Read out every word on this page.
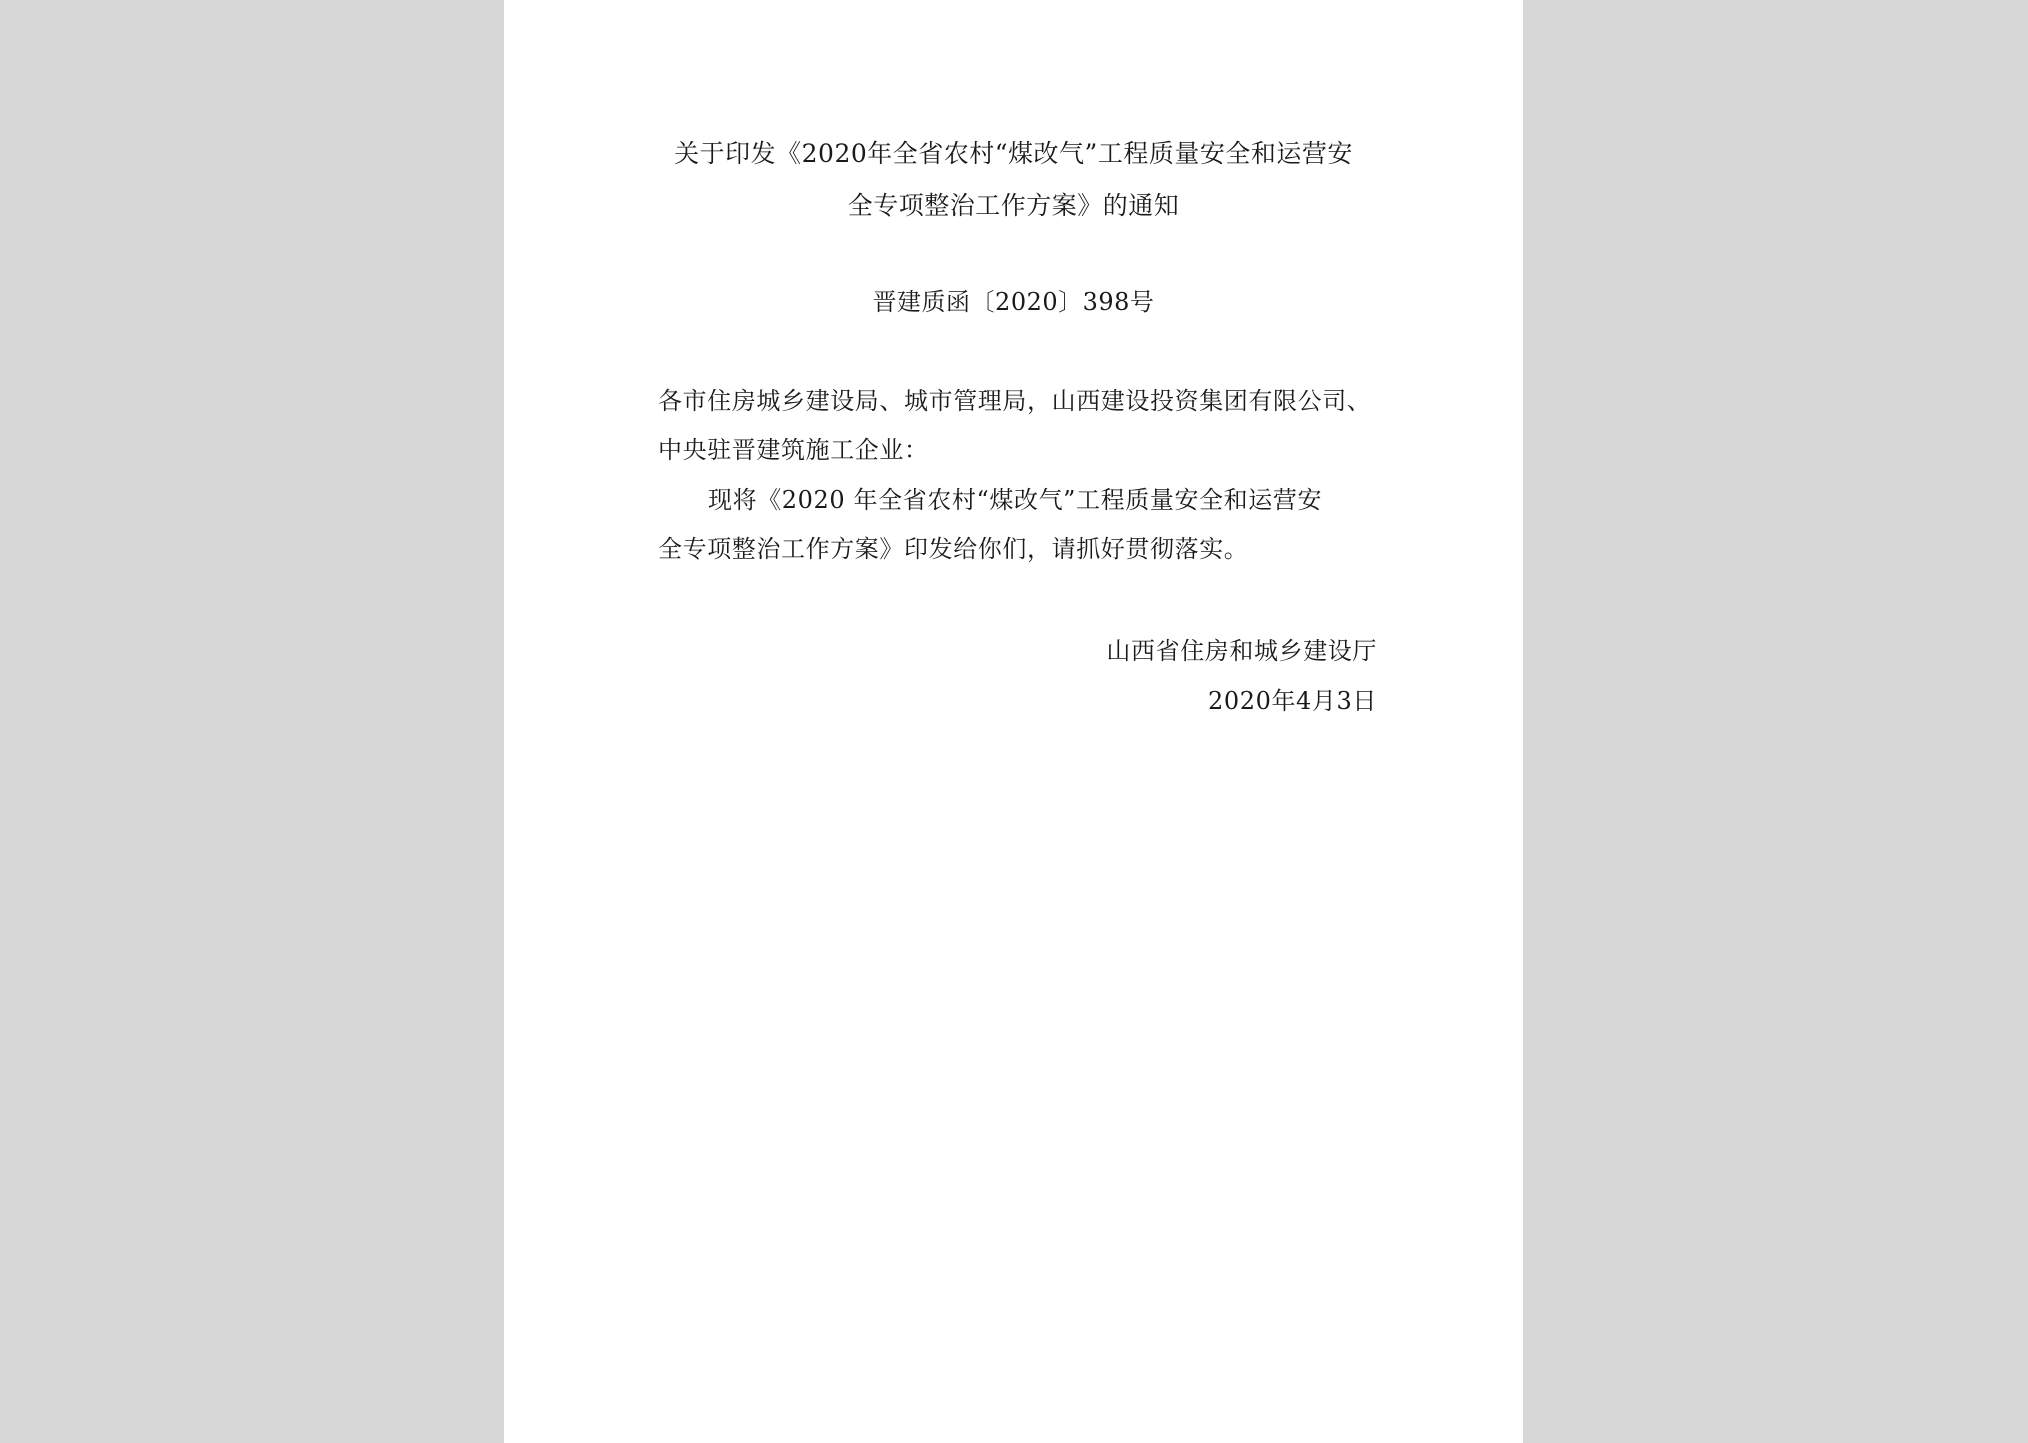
关于印发《2020年全省农村“煤改气”工程质量安全和运营安
全专项整治工作方案》的通知
晋建质函〔2020〕398号
各市住房城乡建设局、城市管理局，山西建设投资集团有限公司、
中央驻晋建筑施工企业：
现将《2020 年全省农村“煤改气”工程质量安全和运营安
全专项整治工作方案》印发给你们，请抓好贯彻落实。
山西省住房和城乡建设厅
2020年4月3日
